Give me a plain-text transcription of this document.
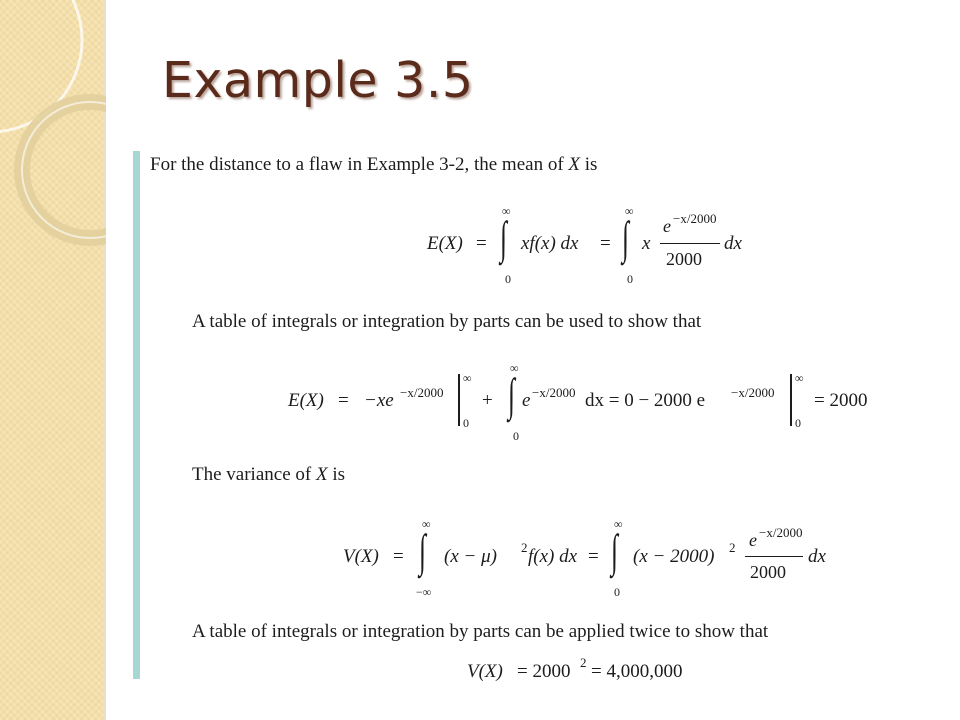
Example 3.5
For the distance to a flaw in Example 3-2, the mean of X is
E(X) =
∞
∫
0
xf(x) dx =
∞
∫
0
x
e −x/2000
2000
dx
A table of integrals or integration by parts can be used to show that
E(X) = −xe −x/2000
∞
0
+
∞
∫
0
e −x/2000 dx = 0 − 2000 e −x/2000
∞
0
= 2000
The variance of X is
V(X) =
∞
∫
−∞
(x − μ) 2 f(x) dx =
∞
∫
0
(x − 2000) 2 e −x/2000
2000
dx
A table of integrals or integration by parts can be applied twice to show that
V(X) = 2000 2 = 4,000,000
